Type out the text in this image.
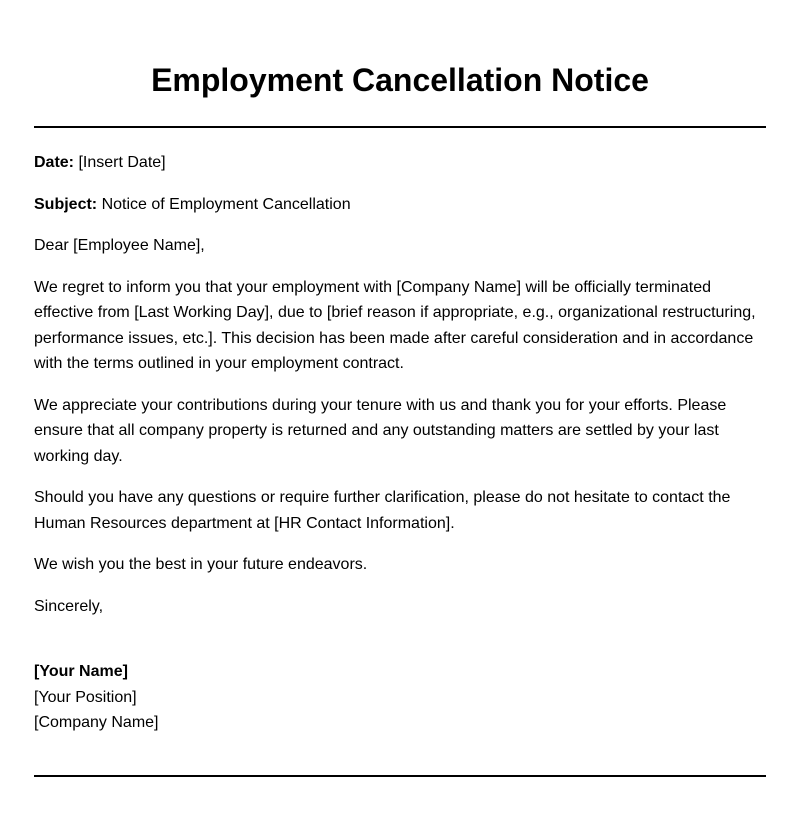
Employment Cancellation Notice

Date: [Insert Date]

Subject: Notice of Employment Cancellation

Dear [Employee Name],

We regret to inform you that your employment with [Company Name] will be officially terminated effective from [Last Working Day], due to [brief reason if appropriate, e.g., organizational restructuring, performance issues, etc.]. This decision has been made after careful consideration and in accordance with the terms outlined in your employment contract.

We appreciate your contributions during your tenure with us and thank you for your efforts. Please ensure that all company property is returned and any outstanding matters are settled by your last working day.

Should you have any questions or require further clarification, please do not hesitate to contact the Human Resources department at [HR Contact Information].

We wish you the best in your future endeavors.

Sincerely,

[Your Name]
[Your Position]
[Company Name]
